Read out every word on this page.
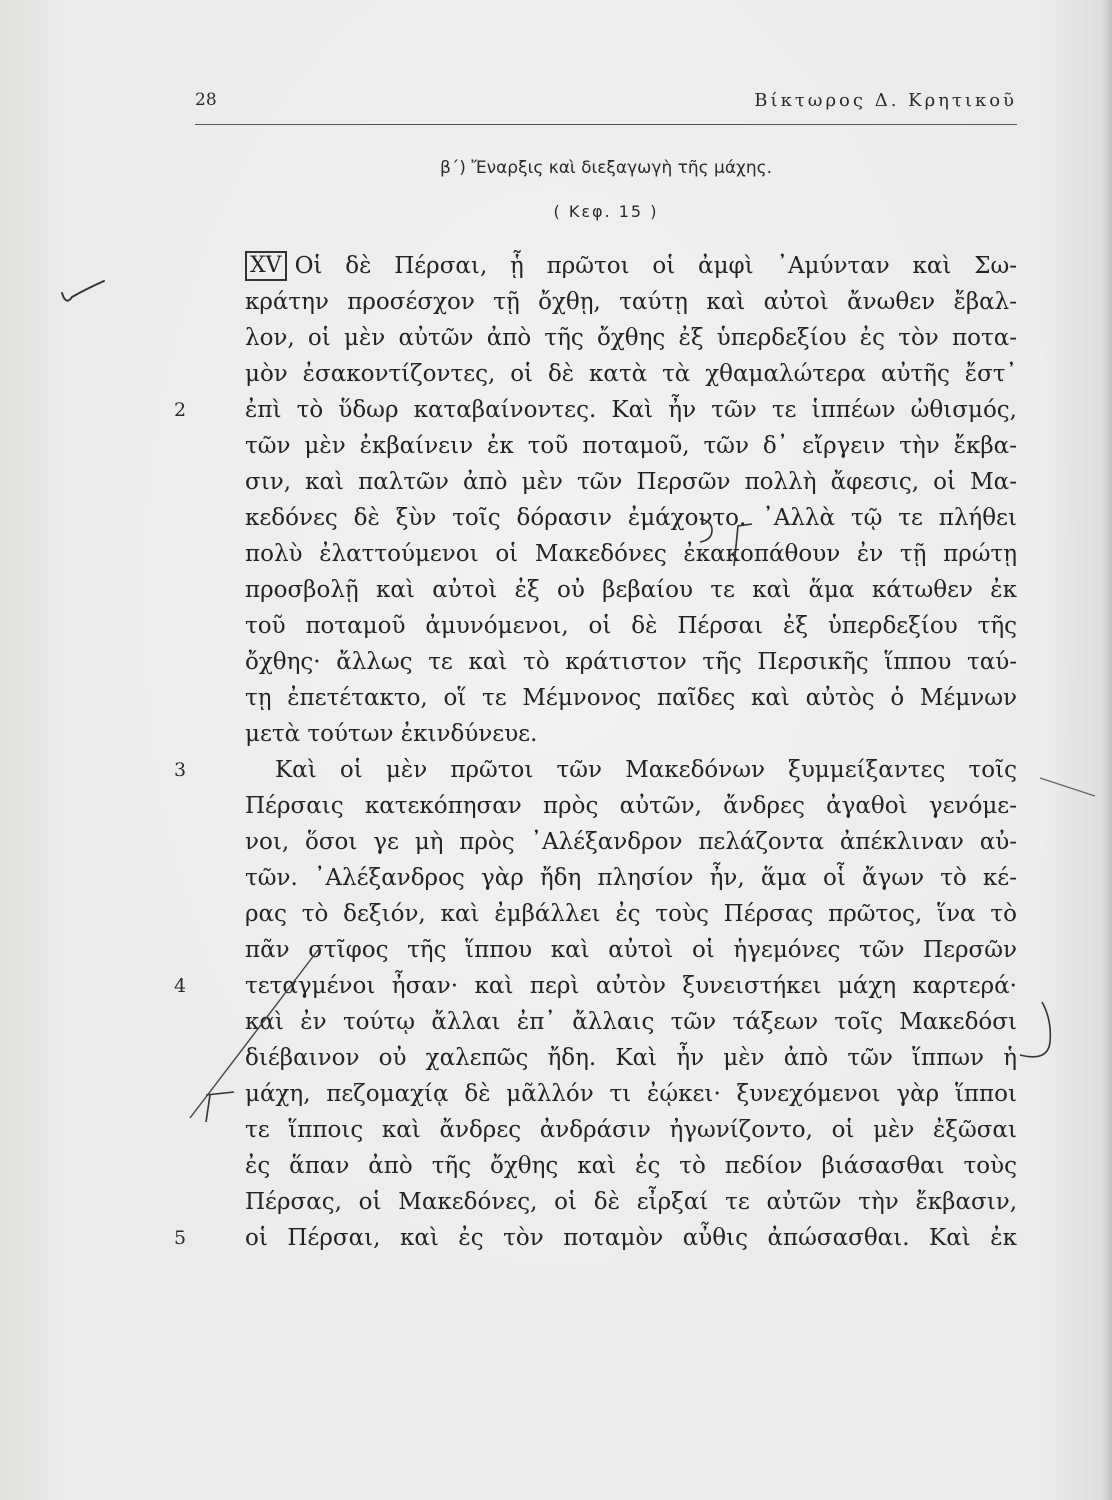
28	Βίκτωρος Δ. Κρητικοῦ
β΄) Ἔναρξις καὶ διεξαγωγὴ τῆς μάχης.
( Κεφ. 15 )
XV Οἱ δὲ Πέρσαι, ᾗ πρῶτοι οἱ ἀμφὶ ᾿Αμύνταν καὶ Σω-
κράτην προσέσχον τῇ ὄχθῃ, ταύτῃ καὶ αὐτοὶ ἄνωθεν ἔβαλ-
λον, οἱ μὲν αὐτῶν ἀπὸ τῆς ὄχθης ἐξ ὑπερδεξίου ἐς τὸν ποτα-
μὸν ἐσακοντίζοντες, οἱ δὲ κατὰ τὰ χθαμαλώτερα αὐτῆς ἔστ᾿
ἐπὶ τὸ ὕδωρ καταβαίνοντες. Καὶ ἦν τῶν τε ἱππέων ὠθισμός,
τῶν μὲν ἐκβαίνειν ἐκ τοῦ ποταμοῦ, τῶν δ᾿ εἴργειν τὴν ἔκβα-
σιν, καὶ παλτῶν ἀπὸ μὲν τῶν Περσῶν πολλὴ ἄφεσις, οἱ Μα-
κεδόνες δὲ ξὺν τοῖς δόρασιν ἐμάχοντο. ᾿Αλλὰ τῷ τε πλήθει
πολὺ ἐλαττούμενοι οἱ Μακεδόνες ἐκακοπάθουν ἐν τῇ πρώτῃ
προσβολῇ καὶ αὐτοὶ ἐξ οὐ βεβαίου τε καὶ ἅμα κάτωθεν ἐκ
τοῦ ποταμοῦ ἀμυνόμενοι, οἱ δὲ Πέρσαι ἐξ ὑπερδεξίου τῆς
ὄχθης· ἄλλως τε καὶ τὸ κράτιστον τῆς Περσικῆς ἵππου ταύ-
τῃ ἐπετέτακτο, οἵ τε Μέμνονος παῖδες καὶ αὐτὸς ὁ Μέμνων
μετὰ τούτων ἐκινδύνευε.
Καὶ οἱ μὲν πρῶτοι τῶν Μακεδόνων ξυμμείξαντες τοῖς
Πέρσαις κατεκόπησαν πρὸς αὐτῶν, ἄνδρες ἀγαθοὶ γενόμε-
νοι, ὅσοι γε μὴ πρὸς ᾿Αλέξανδρον πελάζοντα ἀπέκλιναν αὐ-
τῶν. ᾿Αλέξανδρος γὰρ ἤδη πλησίον ἦν, ἅμα οἷ ἄγων τὸ κέ-
ρας τὸ δεξιόν, καὶ ἐμβάλλει ἐς τοὺς Πέρσας πρῶτος, ἵνα τὸ
πᾶν στῖφος τῆς ἵππου καὶ αὐτοὶ οἱ ἡγεμόνες τῶν Περσῶν
τεταγμένοι ἦσαν· καὶ περὶ αὐτὸν ξυνειστήκει μάχη καρτερά·
καὶ ἐν τούτῳ ἄλλαι ἐπ᾿ ἄλλαις τῶν τάξεων τοῖς Μακεδόσι
διέβαινον οὐ χαλεπῶς ἤδη. Καὶ ἦν μὲν ἀπὸ τῶν ἵππων ἡ
μάχη, πεζομαχίᾳ δὲ μᾶλλόν τι ἐῴκει· ξυνεχόμενοι γὰρ ἵπποι
τε ἵπποις καὶ ἄνδρες ἀνδράσιν ἠγωνίζοντο, οἱ μὲν ἐξῶσαι
ἐς ἅπαν ἀπὸ τῆς ὄχθης καὶ ἐς τὸ πεδίον βιάσασθαι τοὺς
Πέρσας, οἱ Μακεδόνες, οἱ δὲ εἶρξαί τε αὐτῶν τὴν ἔκβασιν,
οἱ Πέρσαι, καὶ ἐς τὸν ποταμὸν αὖθις ἀπώσασθαι. Καὶ ἐκ
2
3
4
5
